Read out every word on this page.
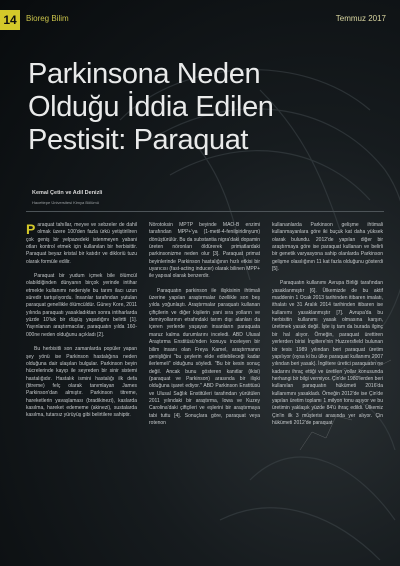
14	Bioreg Bilim	Temmuz 2017
Parkinsona Neden
Olduğu İddia Edilen
Pestisit: Paraquat
Kemal Çetin ve Adil Denizli
Hacettepe Üniversitesi Kimya Bölümü

Paraquat tahıllar, meyve ve sebzeler de dahil olmak üzere 100'den fazla ürkü yetiştiriliren çok geniş bir yelpazedeki istenmeyen yabani otları kontrol etmek için kullanılan bir herbisittir. Paraquat beyaz kristal bir katıdır ve dikloriü tuzu olarak formüle edilir.

Paraquat bir yudum içmek bile ölümcül olabildiğinden dünyanın birçok yerinde intihar etmekte kullanımı nedeniyle bu tarım ilacı uzun süredir tartışılıyordu. İnsanlar tarafından yutulan paraquat genellikle ölümcüldür. Güney Kore, 2011 yılında paraquatı yasakladıktan sonra intiharlarda yüzde 10'luk bir düşüş yaşadığını belirtti [1]. Yayınlanan araştırmacılar, paraquatın yılda 160-000ne neden olduğunu açıkladı [2].

Bu herbisitli son zamanlarda popüler yapan şey yönü ise Parkinson hastalığına neden olduğuna dair ulaşılan bulgular. Parkinson beyin hücrelerinde kayıp ile seyreden bir sinir sistemi hastalığıdır. Hastalık ismini hastalığı ilk defa (titreme) felç olarak tanımlayan James Parkinson'dan almıştır. Parkinson titreme, hareketlerin yavaşlaması (bradikinezi), kaslarda kasılma, hareket edememe (akinezi), sustalarda kasılma, tutarsız yürüyüş gibi belirtilere sahiptir.

Nörotoksin MPTP beyinde MAO-B enzimi tarafından MPP+'ya (1-metil-4-fenilpiridinyum) dönüştürülür. Bu da substantia nigra'daki dopamin üreten nöronları öldürerek primatlardaki parkinsonizme neden olur [3]. Paraquat primat beyinlerinde Parkinson hastalığının hızlı etkisi bir uyarıcısı (fast-acting inducer) olarak bilinen MPP+ ile yapısal olarak benzerdir.

Paraquatın parkinson ile ilişkisinin ihtimali üzerine yapılan araştırmalar özellikle son beş yılda yoğunlaştı. Araştırmalar paraquatı kullanan çiftçilerin ve diğer kişilerin yani sıra yolların ve demiryollarının etrafındaki tarım dışı alanları da içeren yerlerde yaşayan insanların paraquata maruz kalma durumlarını inceledi. ABD Ulusal Araştırma Enstitüsü'nden konuyu inceleyen bir bilim insanı olan Freya Kamel, araştırmanın genişliğini "bu şeylerin elde edilebileceği kadar ilerlemeli" olduğunu söyledi. "Bu bir kesin sonuç değil. Ancak bunu gösteren kanıtlar (ikisi) (paraquat ve Parkinson) arasında bir ilişki olduğuna işaret ediyor." ABD Parkinson Enstitüsü ve Ulusal Sağlık Enstitüleri tarafından yürütülen 2011 yılındaki bir araştırma, Iowa ve Kuzey Carolina'daki çiftçileri ve eşlerini bir araştırmaya tabi tuttu [4]. Sonuçlara göre, paraquat veya rotenon

kullananlarda Parkinson gelişme ihtimali kullanmayanlara göre iki buçuk kat daha yüksek olarak bulundu. 2012'de yapılan diğer bir araştırmaya göre ise paraquat kullanan ve belirli bir genetik varyasyona sahip olanlarda Parkinson gelişme olasılığının 11 kat fazla olduğunu gösterdi [5].

Paraquatın kullanımı Avrupa Birliği tarafından yasaklanmıştır [6]. Ülkemizde de bu aktif maddenin 1 Ocak 2013 tarihinden itibaren imalatı, ithalatı ve 31 Aralık 2014 tarihinden itibaren ise kullanımı yasaklanmıştır [7]. Avrupa'da bu herbisitin kullanımı yasak olmasına karşın, üretimek yasak değil. İşte iş tam da burada ilginç bir hal alıyor. Örneğin, paraquat ürettiren yerlerden birisi İngiltere'nin Huzzersfield bulunan bir tesis 1989 yılından beri paraquat üretim yapılıyor (oysa ki bu ülke paraquat kullanımı 2007 yılından beri yasak). İngiltere üretici paraquatın ne kadarını ihraç ettiği ve üretilen yollar konusunda herhangi bir bilgi vermiyor. Çin'de 1980'lerden beri kullanılan paraquatın hükümeti 2016'da kullanımını yasakladı. Örneğin 2012'de ise Çin'de yapılan üretim toplamı 1 milyon tonu aşıyor ve bu üretimin yaklaşık yüzde 84'ü ihraç edildi. Ülkemiz Çin'in ilk 3 müşterisi arasında yer alıyor. Çin hükümeti 2012'de paraquat
